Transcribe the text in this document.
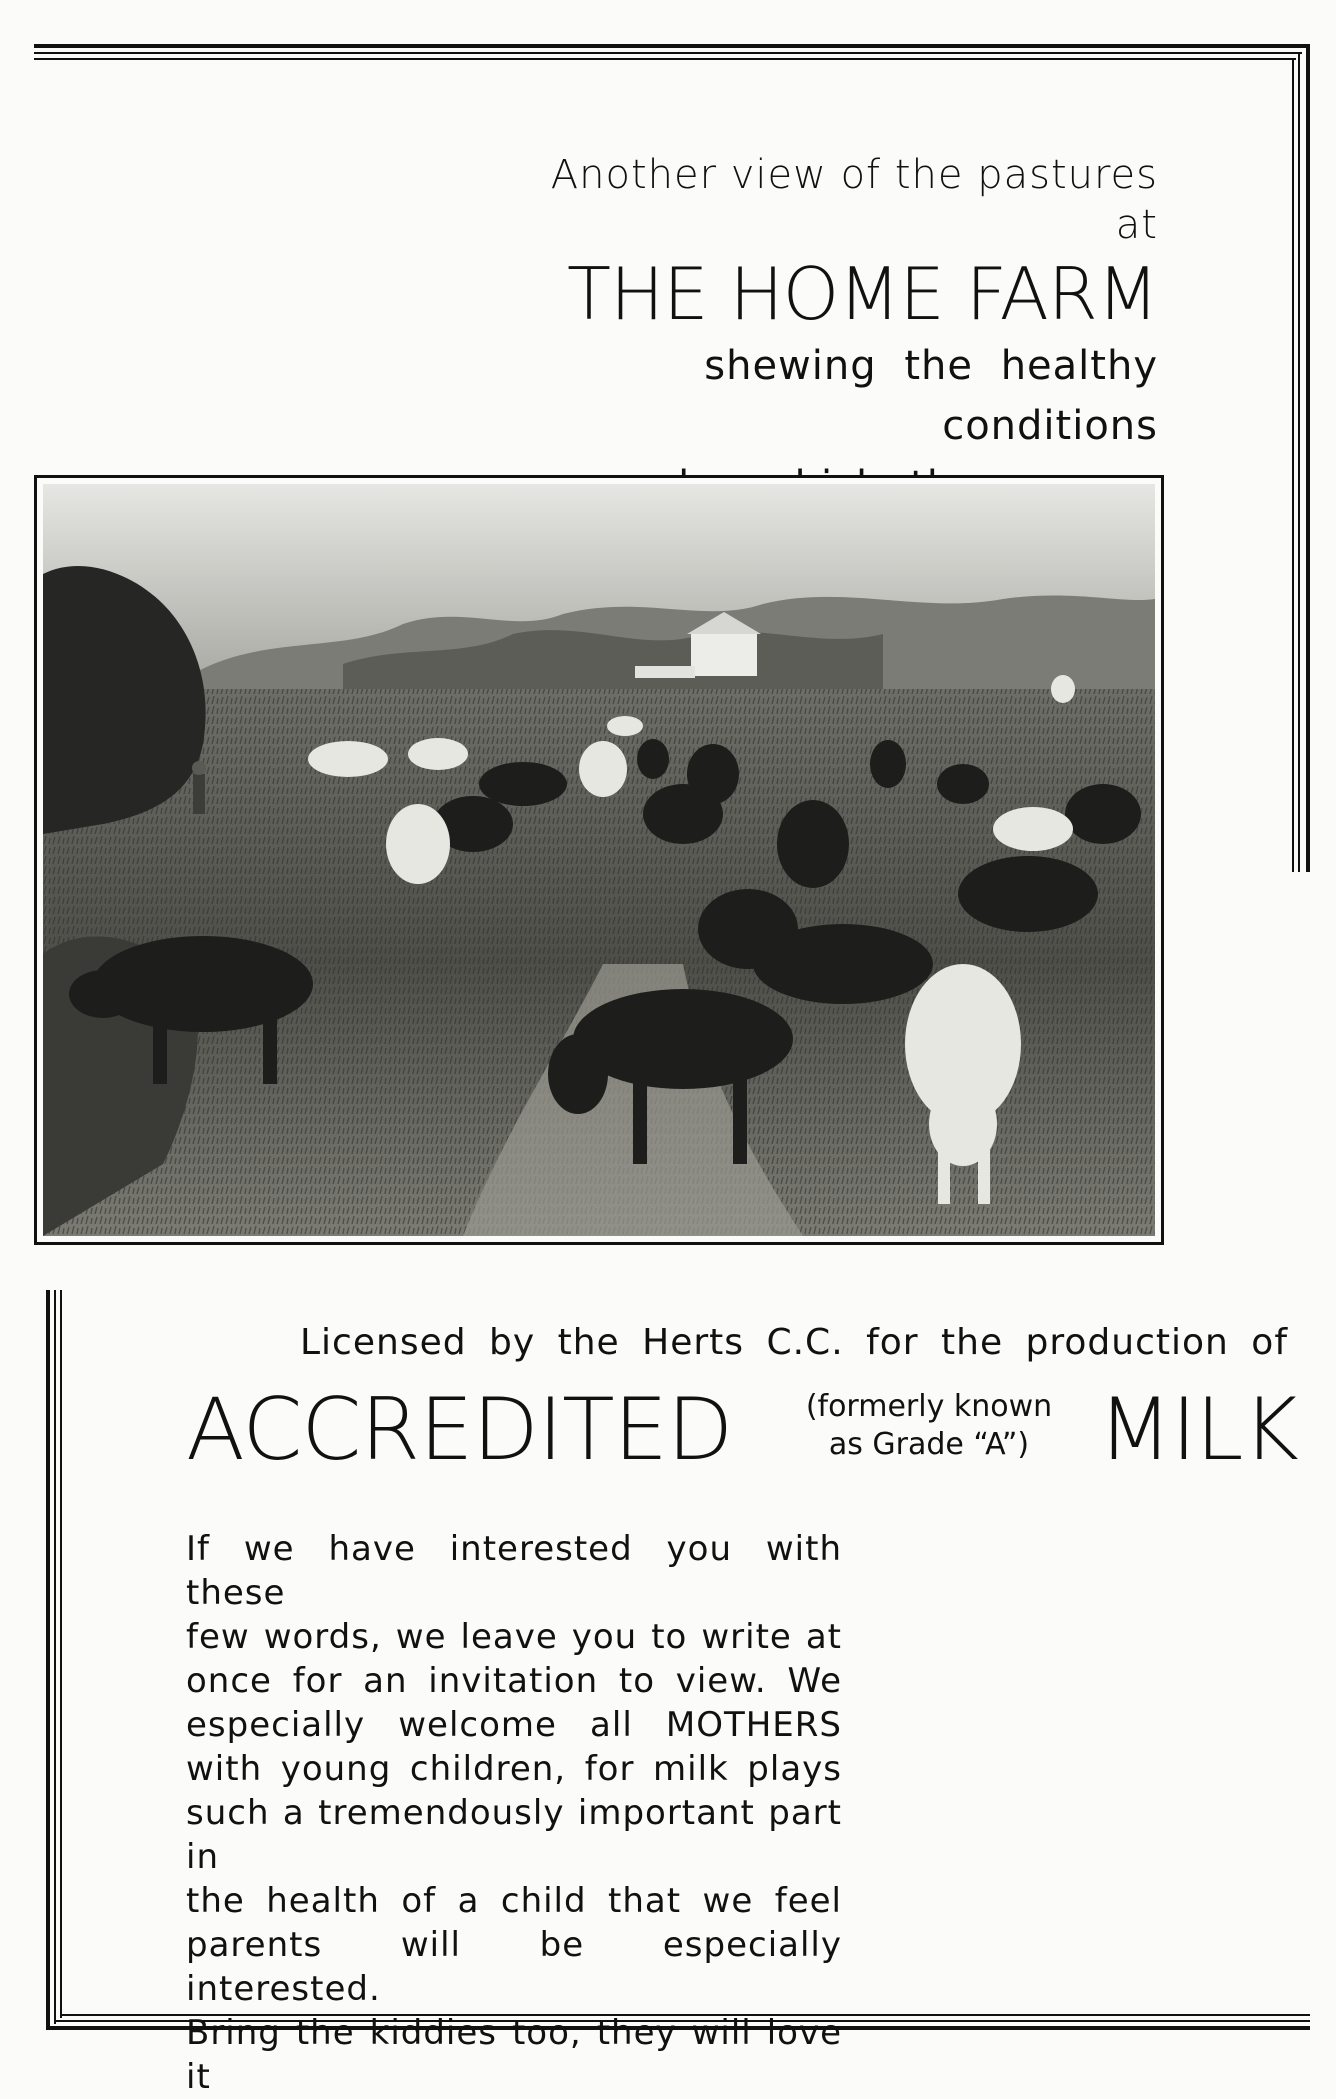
Another view of the pastures at
THE HOME FARM
shewing the healthy conditions
Licensed by the Herts C.C. for the production of
ACCREDITED	(formerly known
as Grade “A”) MILK
If we have interested you with these
few words, we leave you to write at
once for an invitation to view. We
especially welcome all MOTHERS
with young children, for milk plays
such a tremendously important part in
the health of a child that we feel
parents will be especially interested.
Bring the kiddies too, they will love it
